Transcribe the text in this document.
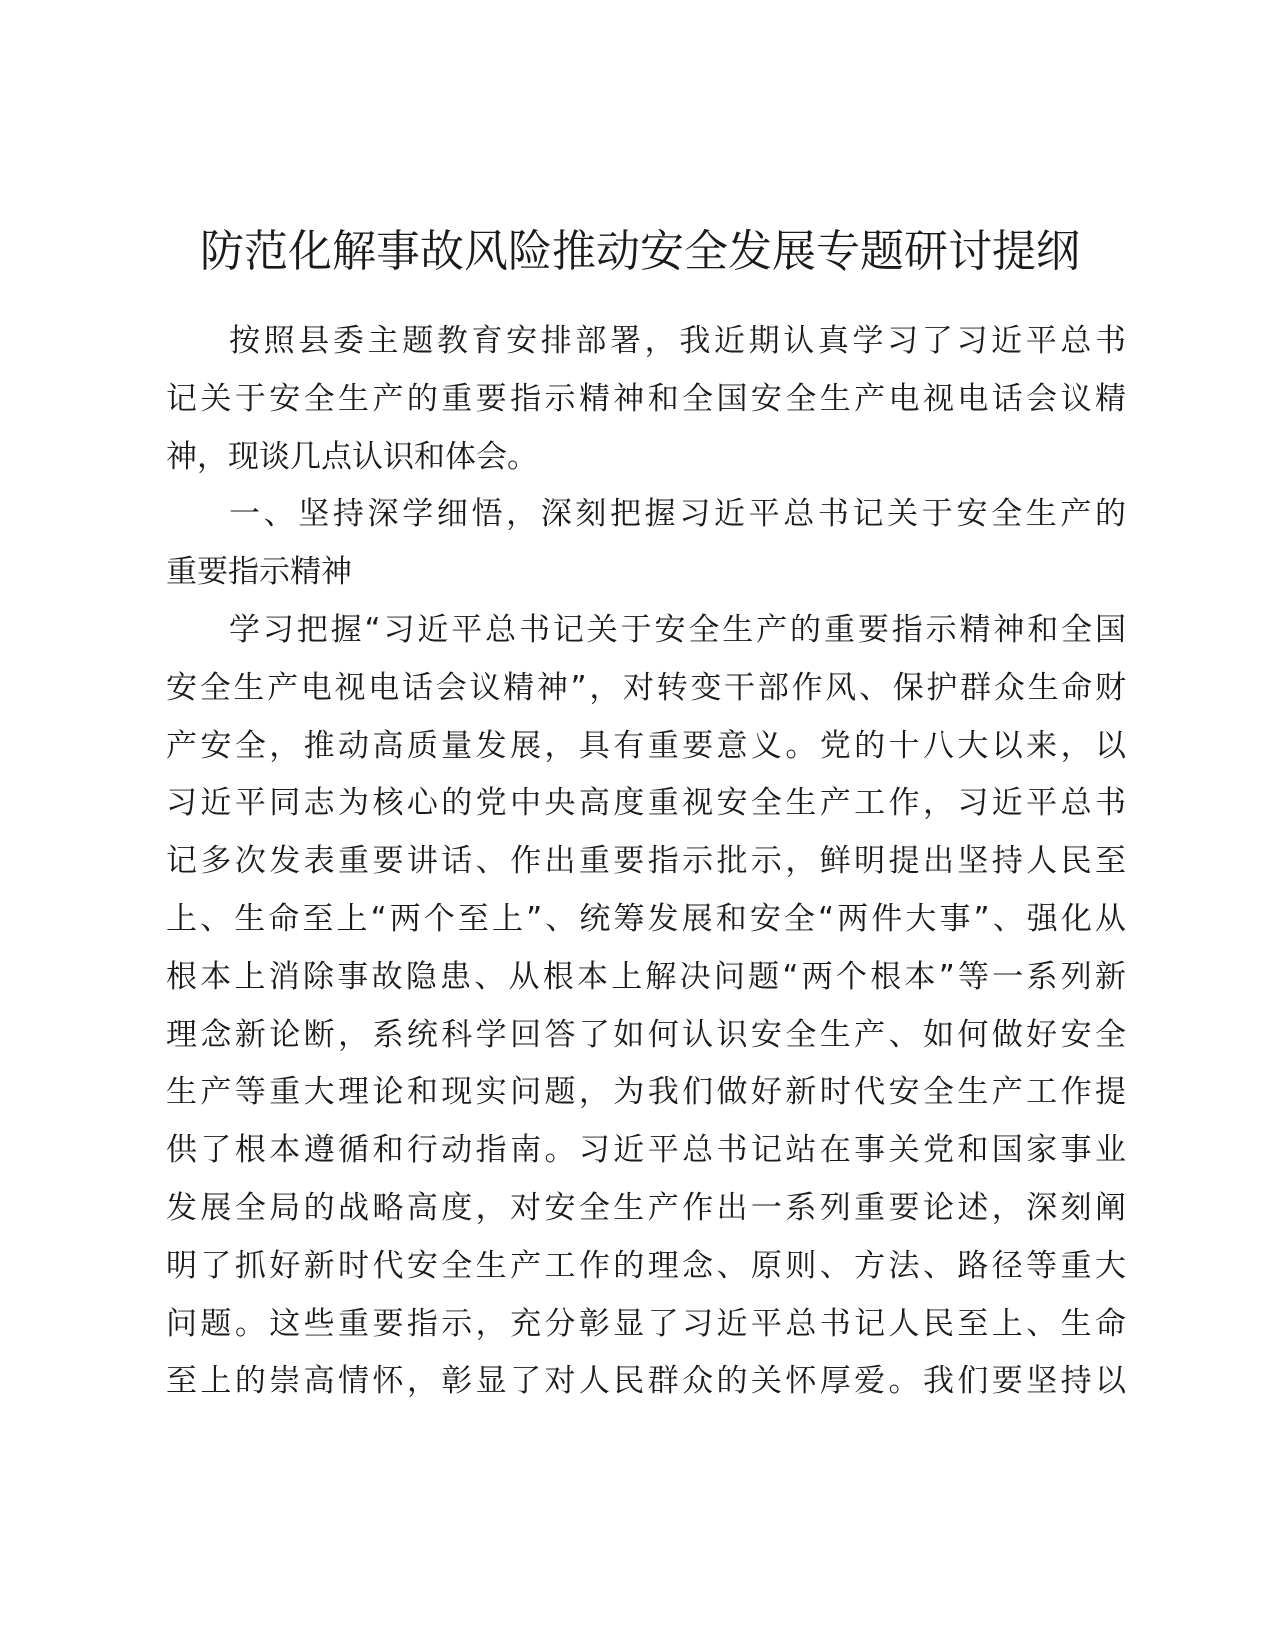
防范化解事故风险推动安全发展专题研讨提纲
按照县委主题教育安排部署，我近期认真学习了习近平总书
记关于安全生产的重要指示精神和全国安全生产电视电话会议精
神，现谈几点认识和体会。
一、坚持深学细悟，深刻把握习近平总书记关于安全生产的
重要指示精神
学习把握“习近平总书记关于安全生产的重要指示精神和全国
安全生产电视电话会议精神”，对转变干部作风、保护群众生命财
产安全，推动高质量发展，具有重要意义。党的十八大以来，以
习近平同志为核心的党中央高度重视安全生产工作，习近平总书
记多次发表重要讲话、作出重要指示批示，鲜明提出坚持人民至
上、生命至上“两个至上”、统筹发展和安全“两件大事”、强化从
根本上消除事故隐患、从根本上解决问题“两个根本”等一系列新
理念新论断，系统科学回答了如何认识安全生产、如何做好安全
生产等重大理论和现实问题，为我们做好新时代安全生产工作提
供了根本遵循和行动指南。习近平总书记站在事关党和国家事业
发展全局的战略高度，对安全生产作出一系列重要论述，深刻阐
明了抓好新时代安全生产工作的理念、原则、方法、路径等重大
问题。这些重要指示，充分彰显了习近平总书记人民至上、生命
至上的崇高情怀，彰显了对人民群众的关怀厚爱。我们要坚持以
